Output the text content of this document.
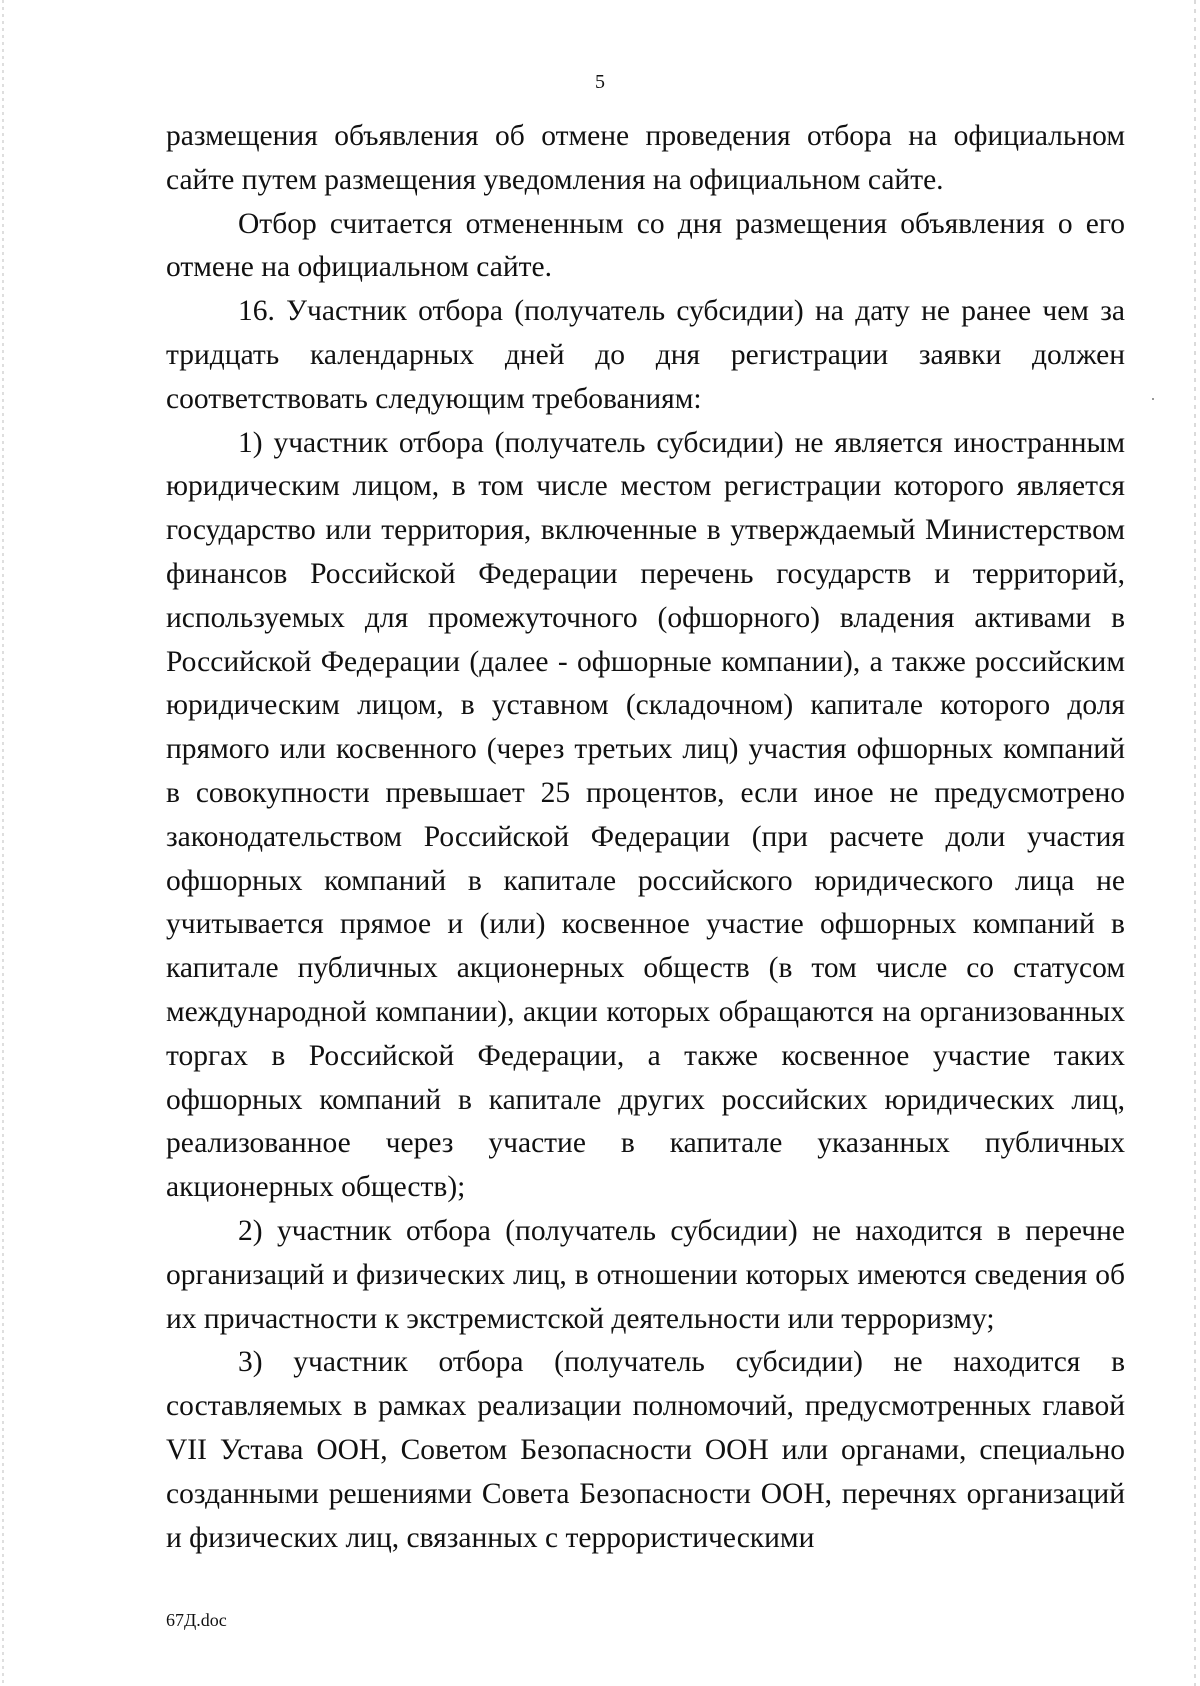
5

размещения объявления об отмене проведения отбора на официальном сайте путем размещения уведомления на официальном сайте.

Отбор считается отмененным со дня размещения объявления о его отмене на официальном сайте.

16. Участник отбора (получатель субсидии) на дату не ранее чем за тридцать календарных дней до дня регистрации заявки должен соответствовать следующим требованиям:

1) участник отбора (получатель субсидии) не является иностранным юридическим лицом, в том числе местом регистрации которого является государство или территория, включенные в утверждаемый Министерством финансов Российской Федерации перечень государств и территорий, используемых для промежуточного (офшорного) владения активами в Российской Федерации (далее - офшорные компании), а также российским юридическим лицом, в уставном (складочном) капитале которого доля прямого или косвенного (через третьих лиц) участия офшорных компаний в совокупности превышает 25 процентов, если иное не предусмотрено законодательством Российской Федерации (при расчете доли участия офшорных компаний в капитале российского юридического лица не учитывается прямое и (или) косвенное участие офшорных компаний в капитале публичных акционерных обществ (в том числе со статусом международной компании), акции которых обращаются на организованных торгах в Российской Федерации, а также косвенное участие таких офшорных компаний в капитале других российских юридических лиц, реализованное через участие в капитале указанных публичных акционерных обществ);

2) участник отбора (получатель субсидии) не находится в перечне организаций и физических лиц, в отношении которых имеются сведения об их причастности к экстремистской деятельности или терроризму;

3) участник отбора (получатель субсидии) не находится в составляемых в рамках реализации полномочий, предусмотренных главой VII Устава ООН, Советом Безопасности ООН или органами, специально созданными решениями Совета Безопасности ООН, перечнях организаций и физических лиц, связанных с террористическими

67Д.doc
